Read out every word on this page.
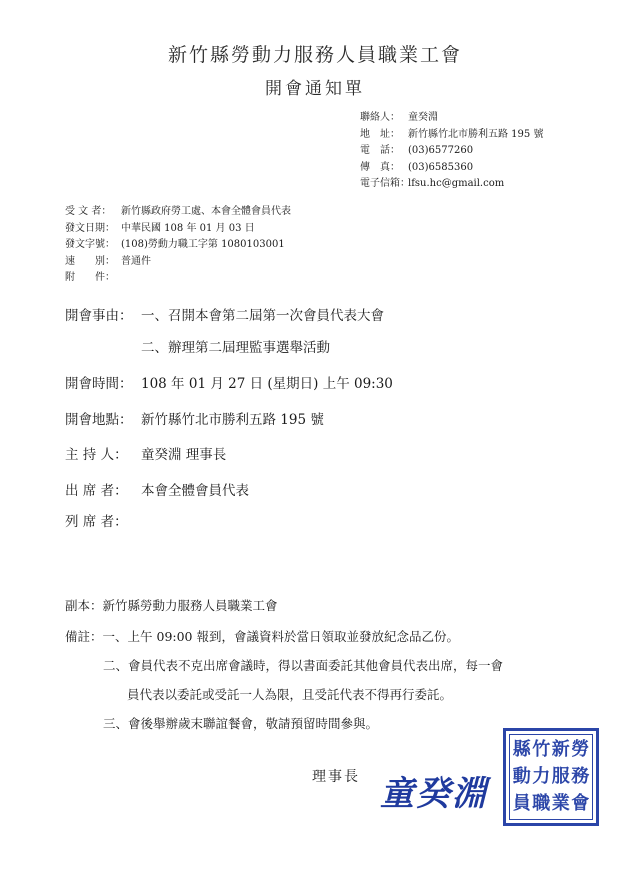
新竹縣勞動力服務人員職業工會
開會通知單
聯絡人： 童癸淵
地　址： 新竹縣竹北市勝利五路 195 號
電　話： (03)6577260
傳　真： (03)6585360
電子信箱：
lfsu.hc@gmail.com
受 文 者： 新竹縣政府勞工處、本會全體會員代表
發文日期： 中華民國 108 年 01 月 03 日
發文字號： (108)勞動力職工字第 1080103001
速　　別： 普通件
附　　件：
開會事由： 一、召開本會第二屆第一次會員代表大會
二、辦理第二屆理監事選舉活動
開會時間： 108 年 01 月 27 日 (星期日) 上午 09:30
開會地點： 新竹縣竹北市勝利五路 195 號
主 持 人： 童癸淵 理事長
出 席 者： 本會全體會員代表
列 席 者：
副本：新竹縣勞動力服務人員職業工會
備註：一、上午 09:00 報到，會議資料於當日領取並發放紀念品乙份。
二、會員代表不克出席會議時，得以書面委託其他會員代表出席，每一會
員代表以委託或受託一人為限，且受託代表不得再行委託。
三、會後舉辦歲末聯誼餐會，敬請預留時間參與。
理事長 童癸淵
縣 竹 新 勞
動 力 服 務
員 職 業 會
